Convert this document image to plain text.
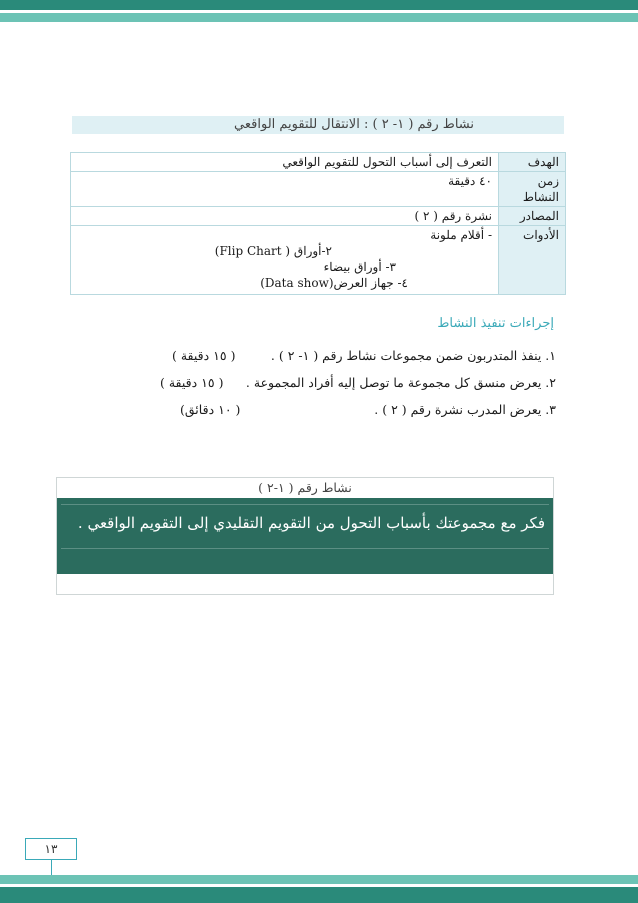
نشاط رقم ( ١- ٢ ) : الانتقال للتقويم الواقعي
الهدف	التعرف إلى أسباب التحول للتقويم الواقعي
زمن النشاط	٤٠ دقيقة
المصادر	نشرة رقم ( ٢ )
الأدوات	- أقلام ملونة
٢-أوراق ( Flip Chart)
٣- أوراق بيضاء
٤- جهاز العرض(Data show)
إجراءات تنفيذ النشاط
١. ينفذ المتدربون ضمن مجموعات نشاط رقم ( ١- ٢ ) .
( ١٥ دقيقة )
٢. يعرض منسق كل مجموعة ما توصل إليه أفراد المجموعة .
( ١٥ دقيقة )
٣. يعرض المدرب نشرة رقم ( ٢ ) .
( ١٠ دقائق)
نشاط رقم ( ١-٢ )
فكر مع مجموعتك بأسباب التحول من التقويم التقليدي إلى التقويم الواقعي .
١٣
